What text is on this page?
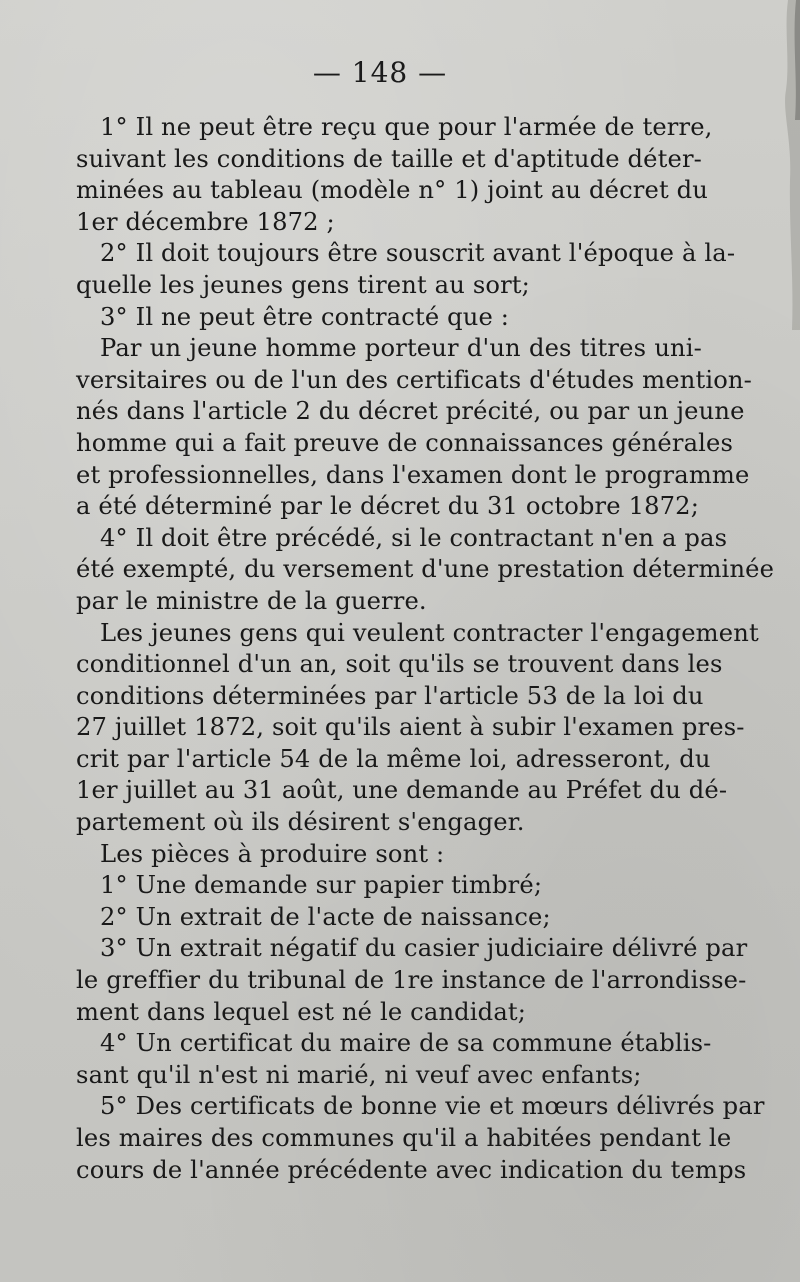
— 148 —
1° Il ne peut être reçu que pour l'armée de terre,
suivant les conditions de taille et d'aptitude déter-
minées au tableau (modèle n° 1) joint au décret du
1er décembre 1872 ;
2° Il doit toujours être souscrit avant l'époque à la-
quelle les jeunes gens tirent au sort;
3° Il ne peut être contracté que :
Par un jeune homme porteur d'un des titres uni-
versitaires ou de l'un des certificats d'études mention-
nés dans l'article 2 du décret précité, ou par un jeune
homme qui a fait preuve de connaissances générales
et professionnelles, dans l'examen dont le programme
a été déterminé par le décret du 31 octobre 1872;
4° Il doit être précédé, si le contractant n'en a pas
été exempté, du versement d'une prestation déterminée
par le ministre de la guerre.
Les jeunes gens qui veulent contracter l'engagement
conditionnel d'un an, soit qu'ils se trouvent dans les
conditions déterminées par l'article 53 de la loi du
27 juillet 1872, soit qu'ils aient à subir l'examen pres-
crit par l'article 54 de la même loi, adresseront, du
1er juillet au 31 août, une demande au Préfet du dé-
partement où ils désirent s'engager.
Les pièces à produire sont :
1° Une demande sur papier timbré;
2° Un extrait de l'acte de naissance;
3° Un extrait négatif du casier judiciaire délivré par
le greffier du tribunal de 1re instance de l'arrondisse-
ment dans lequel est né le candidat;
4° Un certificat du maire de sa commune établis-
sant qu'il n'est ni marié, ni veuf avec enfants;
5° Des certificats de bonne vie et mœurs délivrés par
les maires des communes qu'il a habitées pendant le
cours de l'année précédente avec indication du temps
